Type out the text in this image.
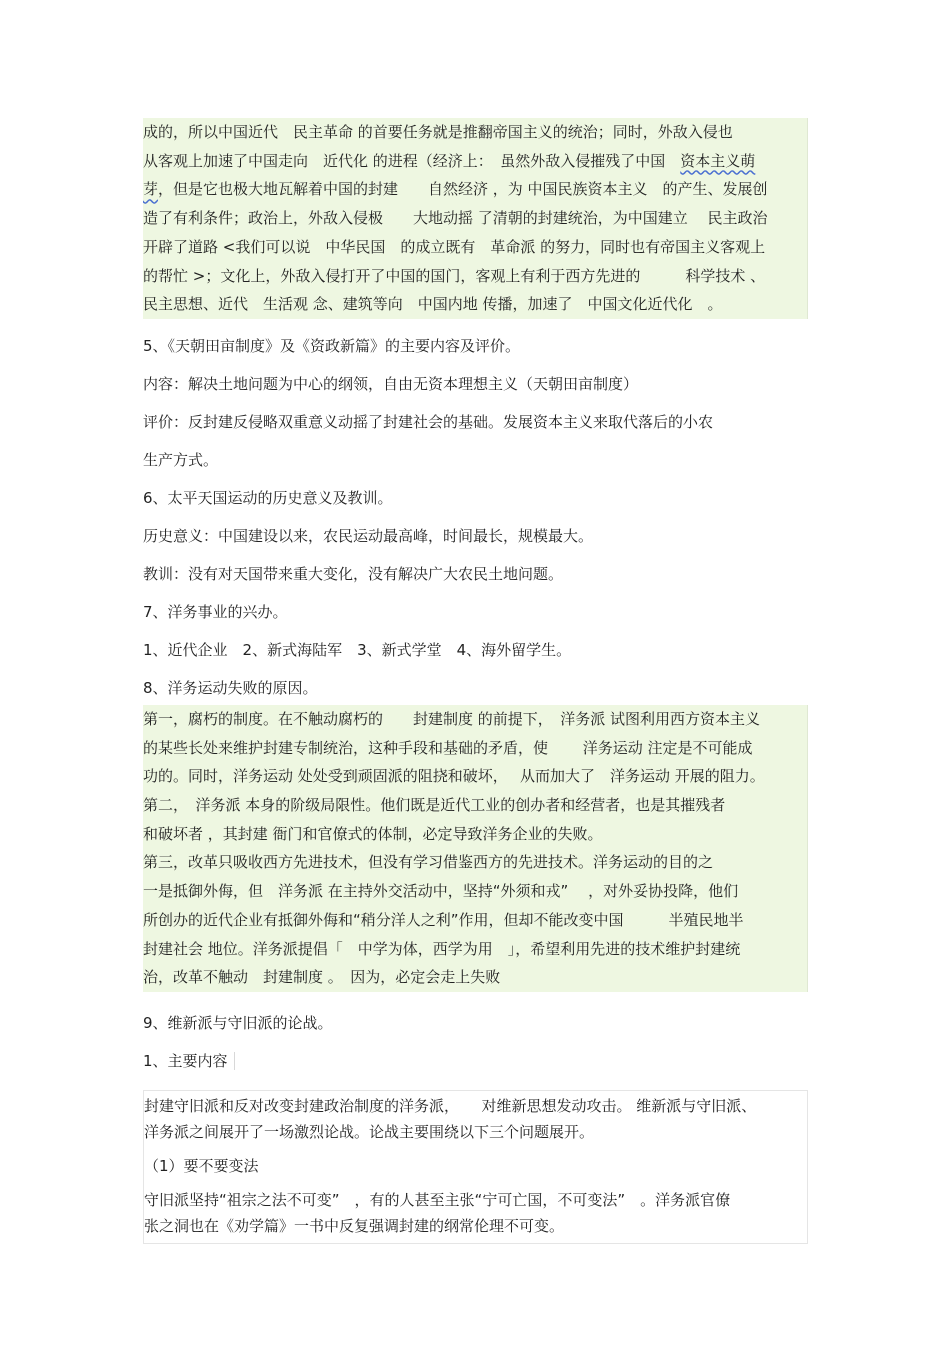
成的，所以中国近代　民主革命 的首要任务就是推翻帝国主义的统治；同时，外敌入侵也
从客观上加速了中国走向　近代化 的进程（经济上：　虽然外敌入侵摧残了中国　资本主义萌
芽，但是它也极大地瓦解着中国的封建　　自然经济 ，为 中国民族资本主义　的产生、发展创
造了有利条件；政治上，外敌入侵极　　大地动摇 了清朝的封建统治，为中国建立　 民主政治
开辟了道路 <我们可以说　中华民国　的成立既有　革命派 的努力，同时也有帝国主义客观上
的帮忙 >；文化上，外敌入侵打开了中国的国门，客观上有利于西方先进的　　　科学技术 、
民主思想、近代　生活观 念、建筑等向　中国内地 传播，加速了　中国文化近代化　。

5、《天朝田亩制度》及《资政新篇》的主要内容及评价。

内容：解决土地问题为中心的纲领，自由无资本理想主义（天朝田亩制度）

评价：反封建反侵略双重意义动摇了封建社会的基础。发展资本主义来取代落后的小农

生产方式。

6、太平天国运动的历史意义及教训。

历史意义：中国建设以来，农民运动最高峰，时间最长，规模最大。

教训：没有对天国带来重大变化，没有解决广大农民土地问题。

7、洋务事业的兴办。

1、近代企业　2、新式海陆军　3、新式学堂　4、海外留学生。

8、洋务运动失败的原因。

第一，腐朽的制度。在不触动腐朽的　　封建制度 的前提下，　洋务派 试图利用西方资本主义
的某些长处来维护封建专制统治，这种手段和基础的矛盾，使　　 洋务运动 注定是不可能成
功的。同时，洋务运动 处处受到顽固派的阻挠和破坏，　 从而加大了　洋务运动 开展的阻力。
第二，　洋务派 本身的阶级局限性。他们既是近代工业的创办者和经营者，也是其摧残者
和破坏者 ，其封建 衙门和官僚式的体制，必定导致洋务企业的失败。
第三，改革只吸收西方先进技术，但没有学习借鉴西方的先进技术。洋务运动的目的之
一是抵御外侮，但　洋务派 在主持外交活动中，坚持“外须和戎”　 ，对外妥协投降，他们
所创办的近代企业有抵御外侮和“稍分洋人之利”作用，但却不能改变中国　　　半殖民地半
封建社会 地位。洋务派提倡「　中学为体，西学为用　」，希望利用先进的技术维护封建统
治，改革不触动　封建制度 。　因为，必定会走上失败

9、维新派与守旧派的论战。

1、主要内容

封建守旧派和反对改变封建政治制度的洋务派，　　对维新思想发动攻击。 维新派与守旧派、
洋务派之间展开了一场激烈论战。论战主要围绕以下三个问题展开。
（1）要不要变法
守旧派坚持“祖宗之法不可变”　，有的人甚至主张“宁可亡国，不可变法”　。洋务派官僚
张之洞也在《劝学篇》一书中反复强调封建的纲常伦理不可变。
